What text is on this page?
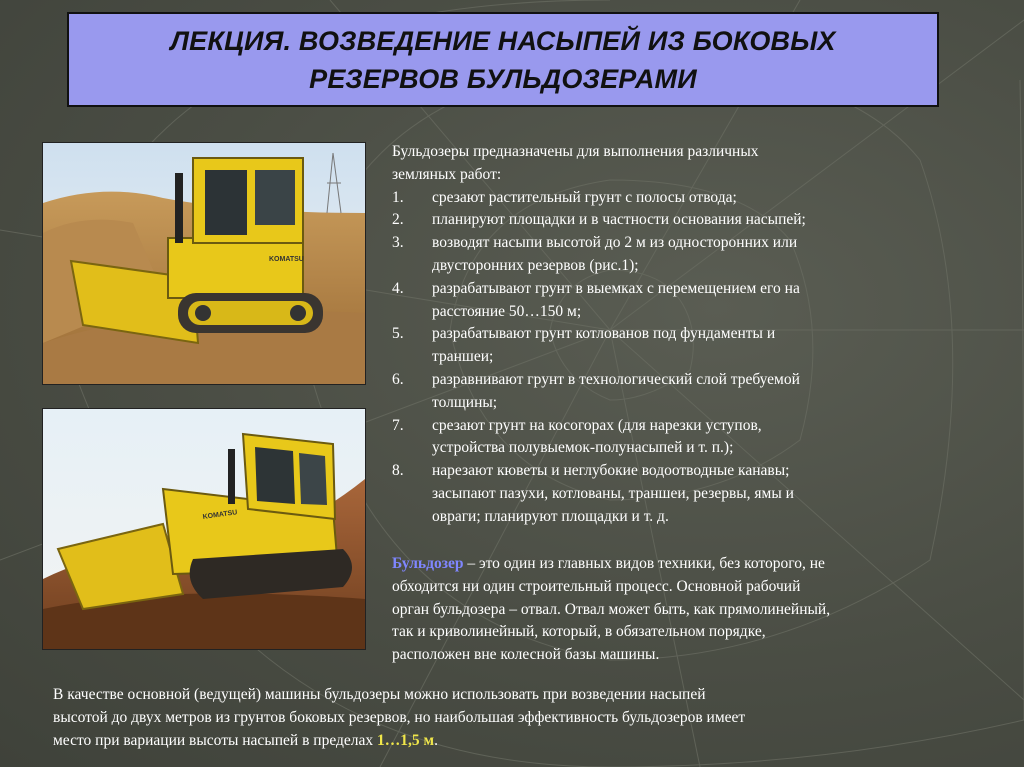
ЛЕКЦИЯ. ВОЗВЕДЕНИЕ НАСЫПЕЙ ИЗ БОКОВЫХ
РЕЗЕРВОВ БУЛЬДОЗЕРАМИ
KOMATSU
KOMATSU
Бульдозеры предназначены для выполнения различных
земляных работ:
1.	срезают растительный грунт с полосы отвода;
2.	планируют площадки и в частности основания насыпей;
3.	возводят насыпи высотой до 2 м из односторонних или
двусторонних резервов (рис.1);
4.	разрабатывают грунт в выемках с перемещением его на
расстояние 50…150 м;
5.	разрабатывают грунт котлованов под фундаменты и
траншеи;
6.	разравнивают грунт в технологический слой требуемой
толщины;
7.	срезают грунт на косогорах (для нарезки уступов,
устройства полувыемок-полунасыпей и т. п.);
8.	нарезают кюветы и неглубокие водоотводные канавы;
засыпают пазухи, котлованы, траншеи, резервы, ямы и
овраги; планируют площадки и т. д.
Бульдозер – это один из главных видов техники, без которого, не
обходится ни один строительный процесс. Основной рабочий
орган бульдозера – отвал. Отвал может быть, как прямолинейный,
так и криволинейный, который, в обязательном порядке,
расположен вне колесной базы машины.
В качестве основной (ведущей) машины бульдозеры можно использовать при возведении насыпей
высотой до двух метров из грунтов боковых резервов, но наибольшая эффективность бульдозеров имеет
место при вариации высоты насыпей в пределах 1…1,5 м.
